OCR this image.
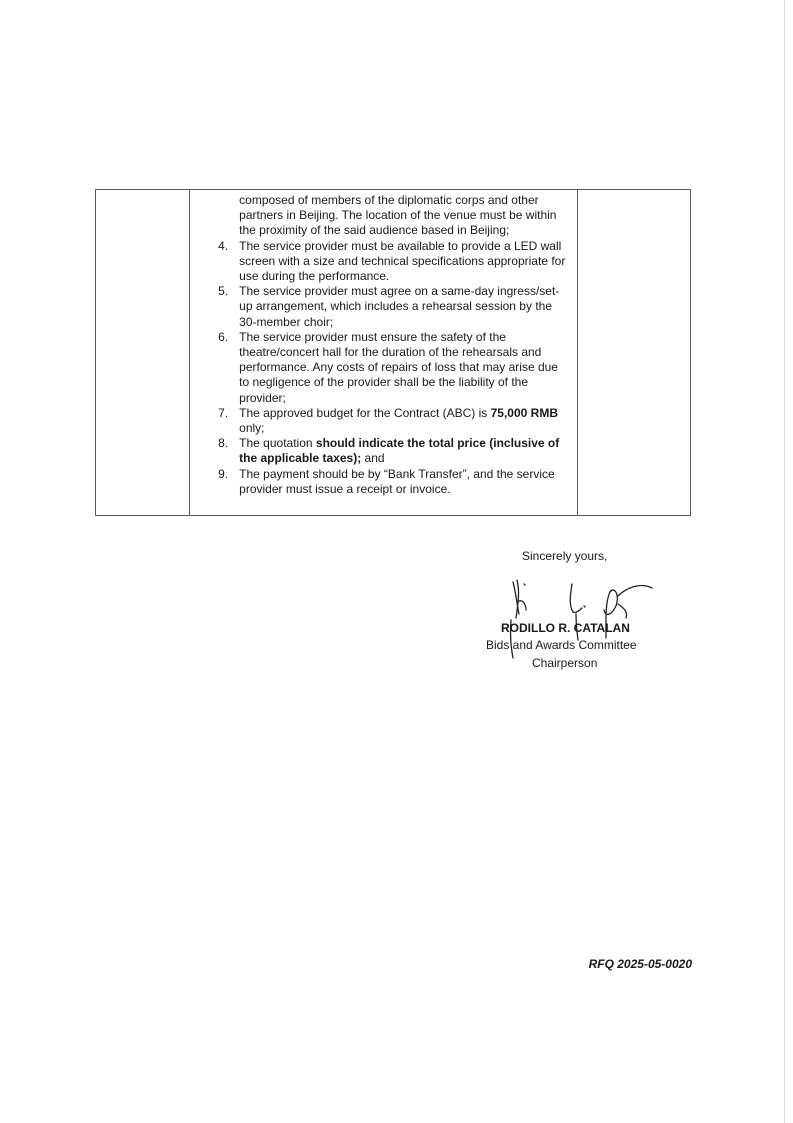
composed of members of the diplomatic corps and other partners in Beijing. The location of the venue must be within the proximity of the said audience based in Beijing;

4. The service provider must be available to provide a LED wall screen with a size and technical specifications appropriate for use during the performance.
5. The service provider must agree on a same-day ingress/set-up arrangement, which includes a rehearsal session by the 30-member choir;
6. The service provider must ensure the safety of the theatre/concert hall for the duration of the rehearsals and performance. Any costs of repairs of loss that may arise due to negligence of the provider shall be the liability of the provider;
7. The approved budget for the Contract (ABC) is 75,000 RMB only;
8. The quotation should indicate the total price (inclusive of the applicable taxes); and
9. The payment should be by “Bank Transfer”, and the service provider must issue a receipt or invoice.

Sincerely yours,
RODILLO R. CATALAN
Bids and Awards Committee
Chairperson
RFQ 2025-05-0020
